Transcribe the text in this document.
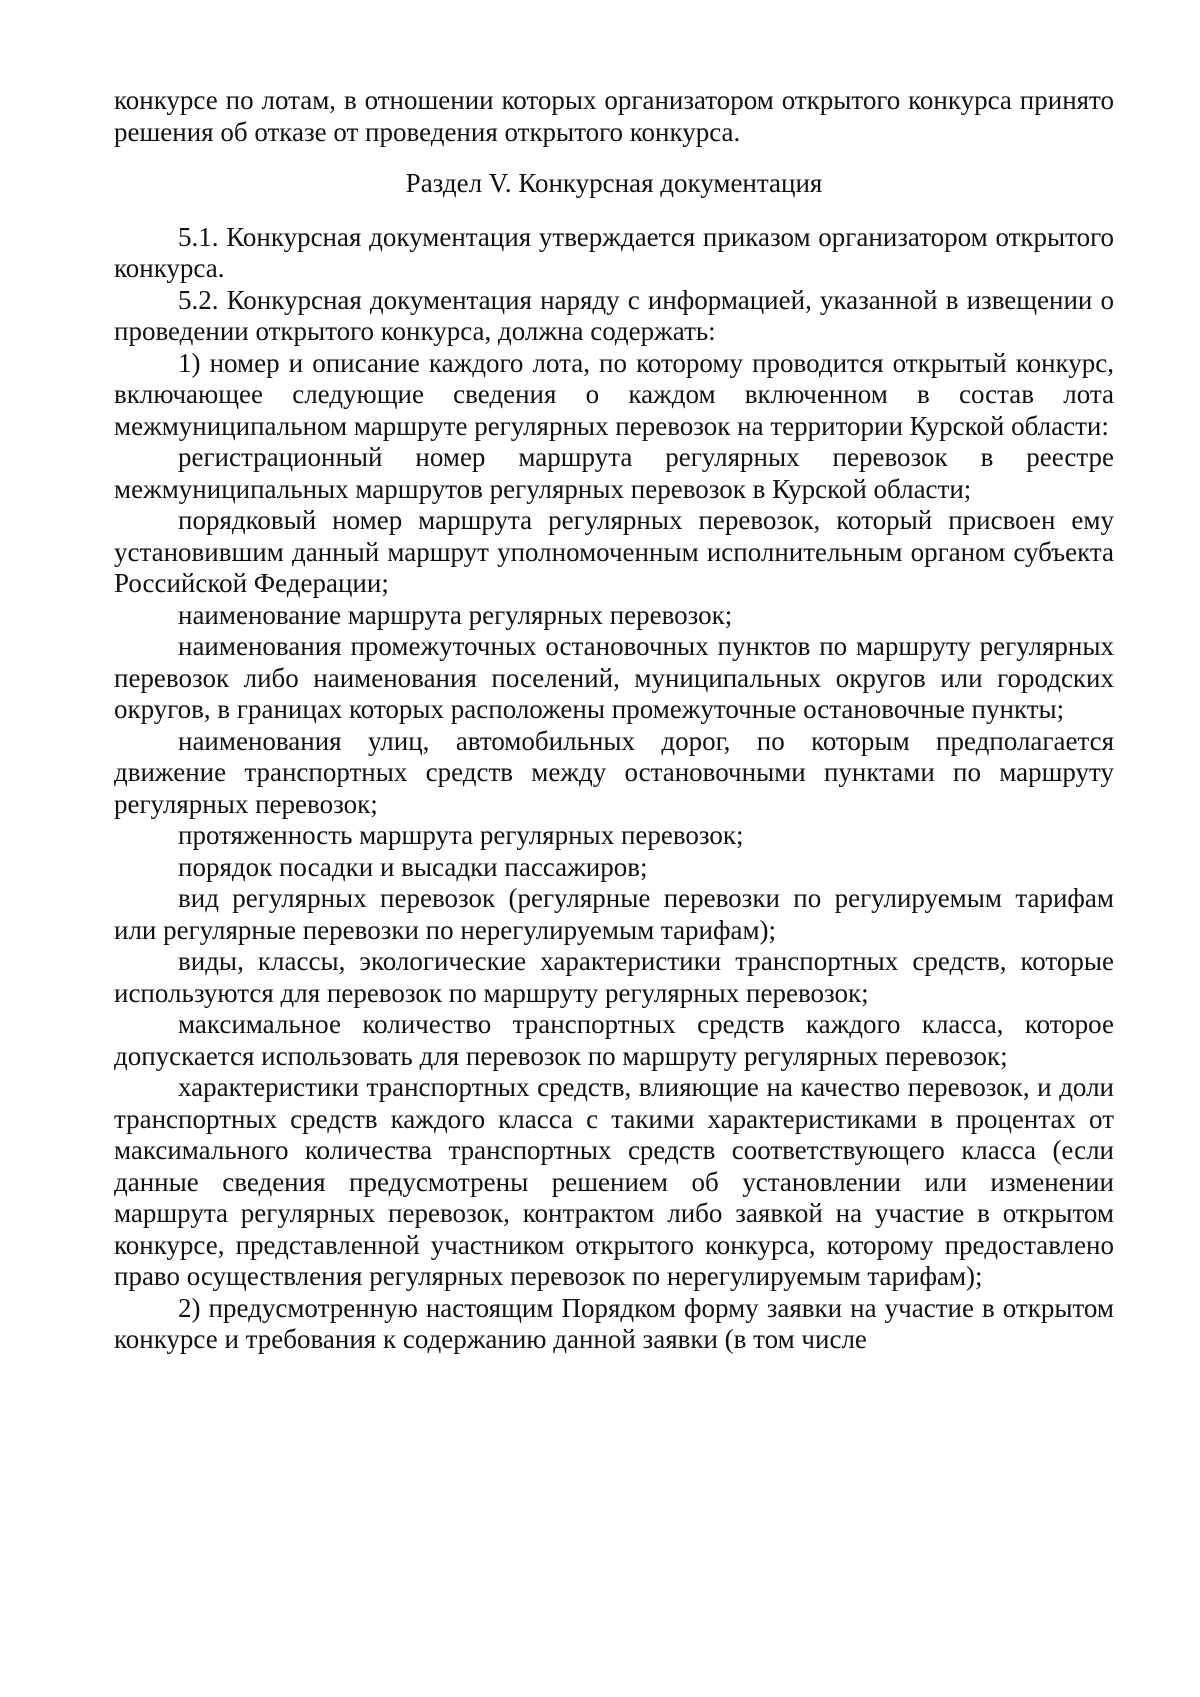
конкурсе по лотам, в отношении которых организатором открытого конкурса принято решения об отказе от проведения открытого конкурса.

Раздел V. Конкурсная документация

5.1. Конкурсная документация утверждается приказом организатором открытого конкурса.

5.2. Конкурсная документация наряду с информацией, указанной в извещении о проведении открытого конкурса, должна содержать:

1) номер и описание каждого лота, по которому проводится открытый конкурс, включающее следующие сведения о каждом включенном в состав лота межмуниципальном маршруте регулярных перевозок на территории Курской области:

регистрационный номер маршрута регулярных перевозок в реестре межмуниципальных маршрутов регулярных перевозок в Курской области;

порядковый номер маршрута регулярных перевозок, который присвоен ему установившим данный маршрут уполномоченным исполнительным органом субъекта Российской Федерации;

наименование маршрута регулярных перевозок;

наименования промежуточных остановочных пунктов по маршруту регулярных перевозок либо наименования поселений, муниципальных округов или городских округов, в границах которых расположены промежуточные остановочные пункты;

наименования улиц, автомобильных дорог, по которым предполагается движение транспортных средств между остановочными пунктами по маршруту регулярных перевозок;

протяженность маршрута регулярных перевозок;

порядок посадки и высадки пассажиров;

вид регулярных перевозок (регулярные перевозки по регулируемым тарифам или регулярные перевозки по нерегулируемым тарифам);

виды, классы, экологические характеристики транспортных средств, которые используются для перевозок по маршруту регулярных перевозок;

максимальное количество транспортных средств каждого класса, которое допускается использовать для перевозок по маршруту регулярных перевозок;

характеристики транспортных средств, влияющие на качество перевозок, и доли транспортных средств каждого класса с такими характеристиками в процентах от максимального количества транспортных средств соответствующего класса (если данные сведения предусмотрены решением об установлении или изменении маршрута регулярных перевозок, контрактом либо заявкой на участие в открытом конкурсе, представленной участником открытого конкурса, которому предоставлено право осуществления регулярных перевозок по нерегулируемым тарифам);

2) предусмотренную настоящим Порядком форму заявки на участие в открытом конкурсе и требования к содержанию данной заявки (в том числе
